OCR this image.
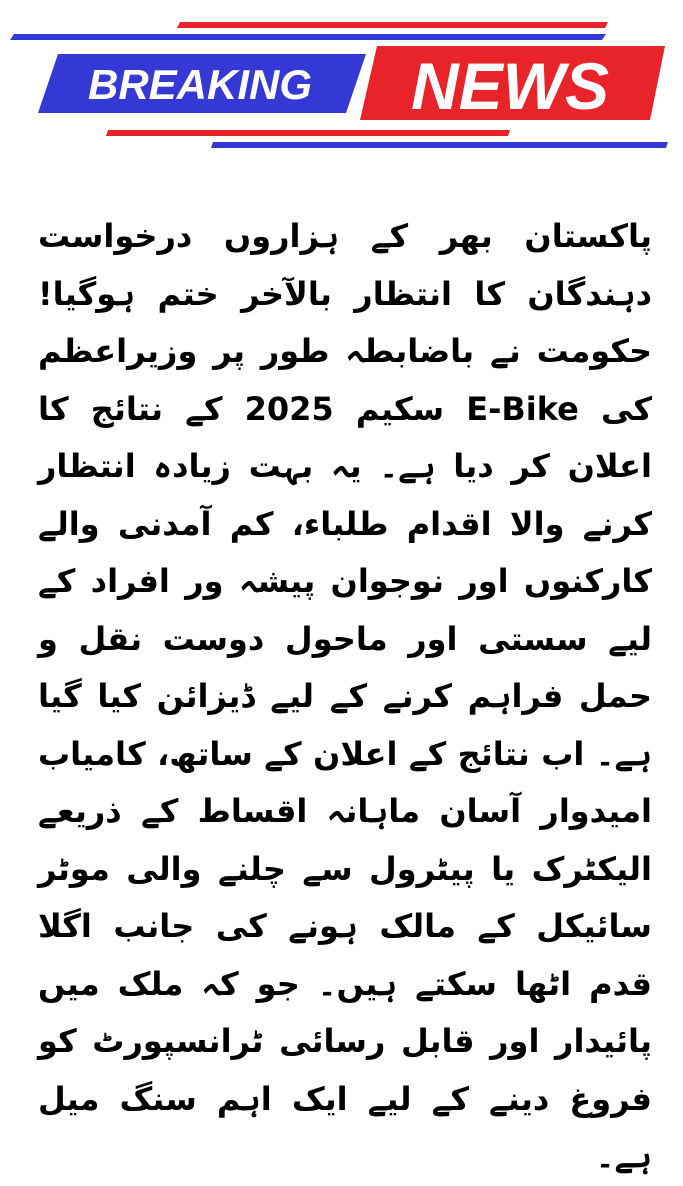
BREAKING NEWS

پاکستان بھر کے ہزاروں درخواست دہندگان کا انتظار بالآخر ختم ہوگیا! حکومت نے باضابطہ طور پر وزیراعظم کی E-Bike سکیم 2025 کے نتائج کا اعلان کر دیا ہے۔ یہ بہت زیادہ انتظار کرنے والا اقدام طلباء، کم آمدنی والے کارکنوں اور نوجوان پیشہ ور افراد کے لیے سستی اور ماحول دوست نقل و حمل فراہم کرنے کے لیے ڈیزائن کیا گیا ہے۔ اب نتائج کے اعلان کے ساتھ، کامیاب امیدوار آسان ماہانہ اقساط کے ذریعے الیکٹرک یا پیٹرول سے چلنے والی موٹر سائیکل کے مالک ہونے کی جانب اگلا قدم اٹھا سکتے ہیں۔ جو کہ ملک میں پائیدار اور قابل رسائی ٹرانسپورٹ کو فروغ دینے کے لیے ایک اہم سنگ میل ہے۔
